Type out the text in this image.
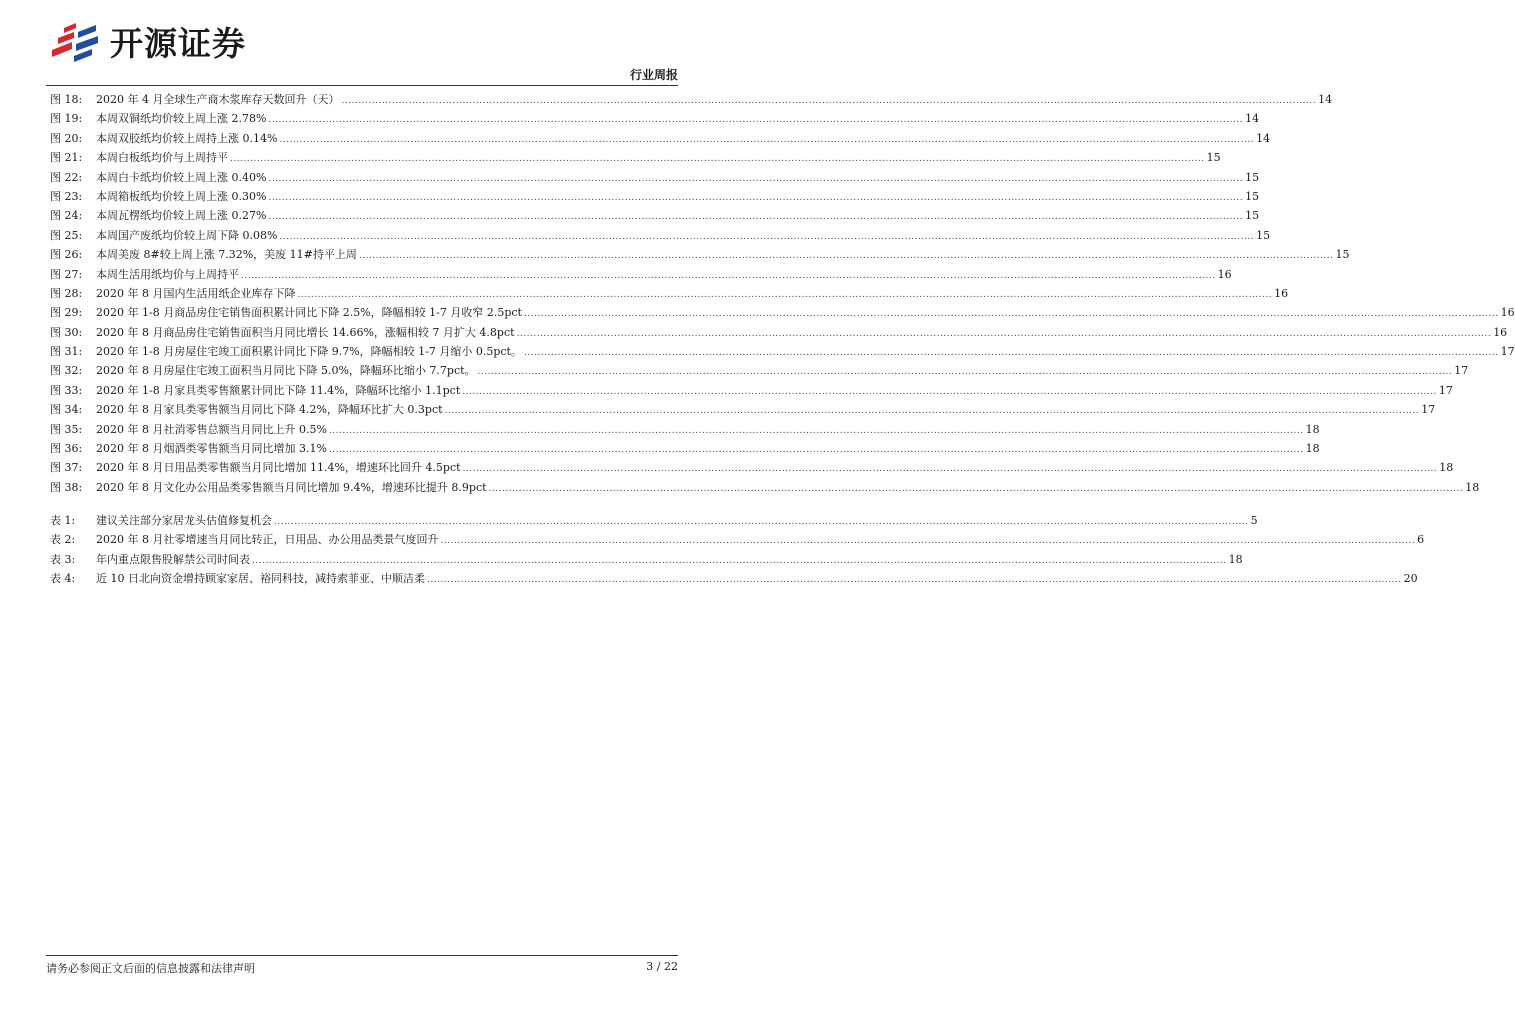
开源证券
行业周报
图 18:	2020 年 4 月全球生产商木浆库存天数回升（天） .....	14
图 19:	本周双铜纸均价较上周上涨 2.78% .....	14
图 20:	本周双胶纸均价较上周持上涨 0.14% .....	14
图 21:	本周白板纸均价与上周持平 .....	15
图 22:	本周白卡纸均价较上周上涨 0.40% .....	15
图 23:	本周箱板纸均价较上周上涨 0.30% .....	15
图 24:	本周瓦楞纸均价较上周上涨 0.27% .....	15
图 25:	本周国产废纸均价较上周下降 0.08% .....	15
图 26:	本周美废 8#较上周上涨 7.32%，美废 11#持平上周 .....	15
图 27:	本周生活用纸均价与上周持平 .....	16
图 28:	2020 年 8 月国内生活用纸企业库存下降 .....	16
图 29:	2020 年 1-8 月商品房住宅销售面积累计同比下降 2.5%，降幅相较 1-7 月收窄 2.5pct .....	16
图 30:	2020 年 8 月商品房住宅销售面积当月同比增长 14.66%，涨幅相较 7 月扩大 4.8pct .....	16
图 31:	2020 年 1-8 月房屋住宅竣工面积累计同比下降 9.7%，降幅相较 1-7 月缩小 0.5pct。 .....	17
图 32:	2020 年 8 月房屋住宅竣工面积当月同比下降 5.0%，降幅环比缩小 7.7pct。 .....	17
图 33:	2020 年 1-8 月家具类零售额累计同比下降 11.4%，降幅环比缩小 1.1pct .....	17
图 34:	2020 年 8 月家具类零售额当月同比下降 4.2%，降幅环比扩大 0.3pct .....	17
图 35:	2020 年 8 月社消零售总额当月同比上升 0.5% .....	18
图 36:	2020 年 8 月烟酒类零售额当月同比增加 3.1% .....	18
图 37:	2020 年 8 月日用品类零售额当月同比增加 11.4%，增速环比回升 4.5pct .....	18
图 38:	2020 年 8 月文化办公用品类零售额当月同比增加 9.4%，增速环比提升 8.9pct .....	18
表 1:	建议关注部分家居龙头估值修复机会 .....	5
表 2:	2020 年 8 月社零增速当月同比转正，日用品、办公用品类景气度回升 .....	6
表 3:	年内重点限售股解禁公司时间表 .....	18
表 4:	近 10 日北向资金增持顾家家居、裕同科技，减持索菲亚、中顺洁柔 .....	20
请务必参阅正文后面的信息披露和法律声明	3 / 22
